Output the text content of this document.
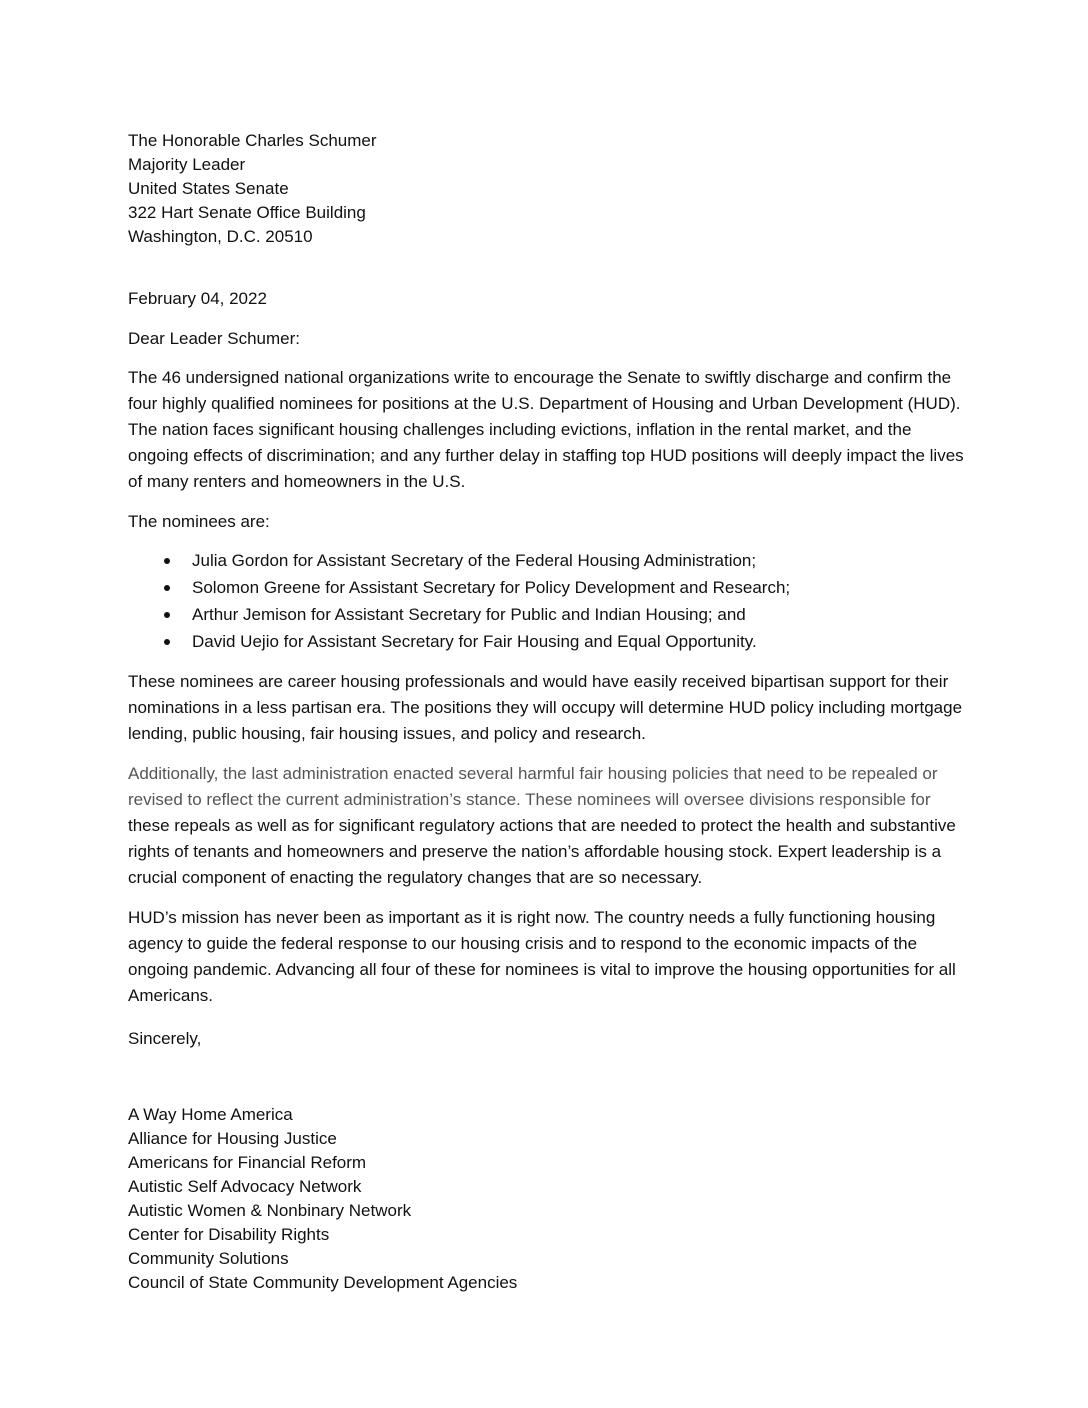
The Honorable Charles Schumer
Majority Leader
United States Senate
322 Hart Senate Office Building
Washington, D.C. 20510
February 04, 2022
Dear Leader Schumer:

The 46 undersigned national organizations write to encourage the Senate to swiftly discharge and confirm the four highly qualified nominees for positions at the U.S. Department of Housing and Urban Development (HUD). The nation faces significant housing challenges including evictions, inflation in the rental market, and the ongoing effects of discrimination; and any further delay in staffing top HUD positions will deeply impact the lives of many renters and homeowners in the U.S.

The nominees are:

Julia Gordon for Assistant Secretary of the Federal Housing Administration;
Solomon Greene for Assistant Secretary for Policy Development and Research;
Arthur Jemison for Assistant Secretary for Public and Indian Housing; and
David Uejio for Assistant Secretary for Fair Housing and Equal Opportunity.

These nominees are career housing professionals and would have easily received bipartisan support for their nominations in a less partisan era. The positions they will occupy will determine HUD policy including mortgage lending, public housing, fair housing issues, and policy and research.

Additionally, the last administration enacted several harmful fair housing policies that need to be repealed or revised to reflect the current administration’s stance. These nominees will oversee divisions responsible for these repeals as well as for significant regulatory actions that are needed to protect the health and substantive rights of tenants and homeowners and preserve the nation’s affordable housing stock. Expert leadership is a crucial component of enacting the regulatory changes that are so necessary.

HUD’s mission has never been as important as it is right now. The country needs a fully functioning housing agency to guide the federal response to our housing crisis and to respond to the economic impacts of the ongoing pandemic. Advancing all four of these for nominees is vital to improve the housing opportunities for all Americans.

Sincerely,
A Way Home America
Alliance for Housing Justice
Americans for Financial Reform
Autistic Self Advocacy Network
Autistic Women & Nonbinary Network
Center for Disability Rights
Community Solutions
Council of State Community Development Agencies
